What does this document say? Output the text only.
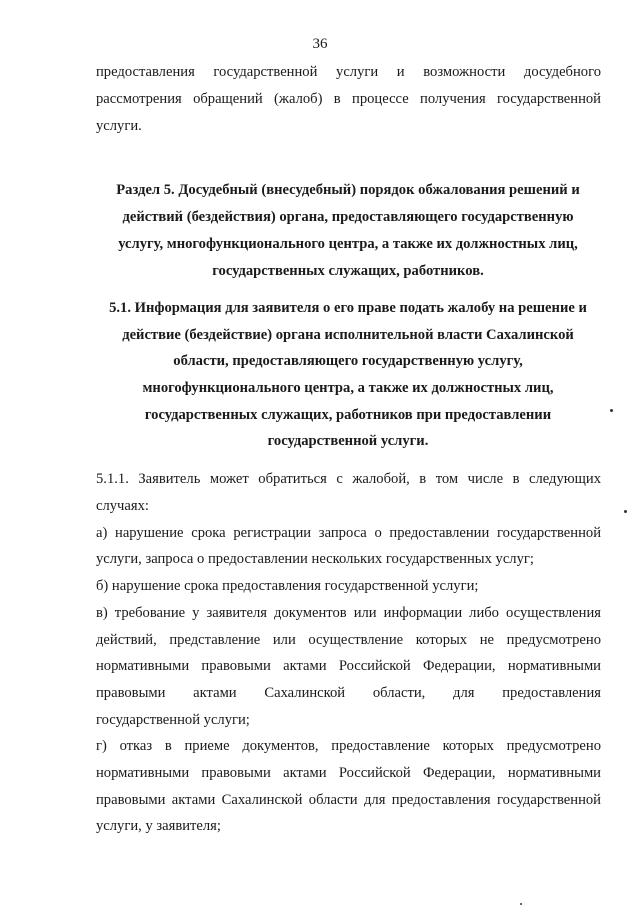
36
предоставления государственной услуги и возможности досудебного
рассмотрения обращений (жалоб) в процессе получения государственной
услуги.
Раздел 5. Досудебный (внесудебный) порядок обжалования решений и
действий (бездействия) органа, предоставляющего государственную
услугу, многофункционального центра, а также их должностных лиц,
государственных служащих, работников.
5.1. Информация для заявителя о его праве подать жалобу на решение и
действие (бездействие) органа исполнительной власти Сахалинской
области, предоставляющего государственную услугу,
многофункционального центра, а также их должностных лиц,
государственных служащих, работников при предоставлении
государственной услуги.
5.1.1. Заявитель может обратиться с жалобой, в том числе в следующих
случаях:
а) нарушение срока регистрации запроса о предоставлении государственной
услуги, запроса о предоставлении нескольких государственных услуг;
б) нарушение срока предоставления государственной услуги;
в) требование у заявителя документов или информации либо осуществления
действий, представление или осуществление которых не предусмотрено
нормативными правовыми актами Российской Федерации, нормативными
правовыми актами Сахалинской области, для предоставления
государственной услуги;
г) отказ в приеме документов, предоставление которых предусмотрено
нормативными правовыми актами Российской Федерации, нормативными
правовыми актами Сахалинской области для предоставления государственной
услуги, у заявителя;
